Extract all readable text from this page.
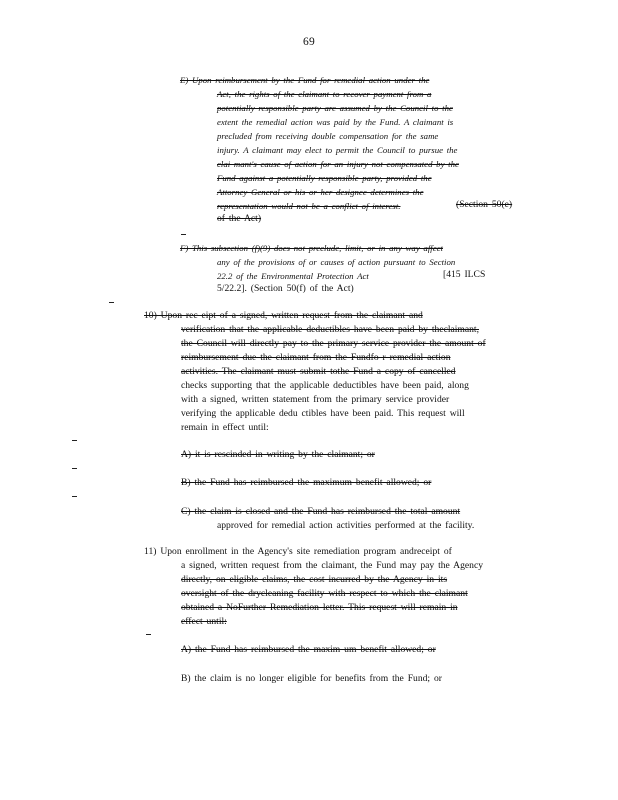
69
E) Upon reimbursement by the Fund for remedial action under the
Act, the rights of the claimant to recover payment from a
potentially responsible party are assumed by the Council to the
extent the remedial action was paid by the Fund. A claimant is
precluded from receiving double compensation for the same
injury. A claimant may elect to permit the Council to pursue the
clai mant's cause of action for an injury not compensated by the
Fund against a potentially responsible party, provided the
Attorney General or his or her designee determines the
representation would not be a conflict of interest.	(Section 50(e)
of the Act)
F) This subsection (f)(9) does not preclude, limit, or in any way affect
any of the provisions of or causes of action pursuant to Section
22.2 of the Environmental Protection Act	[415 ILCS
5/22.2]. (Section 50(f) of the Act)
10) Upon rec eipt of a signed, written request from the claimant and
verification that the applicable deductibles have been paid by theclaimant,
the Council will directly pay to the primary service provider the amount of
reimbursement due the claimant from the Fundfo r remedial action
activities. The claimant must submit tothe Fund a copy of cancelled
checks supporting that the applicable deductibles have been paid, along
with a signed, written statement from the primary service provider
verifying the applicable dedu ctibles have been paid. This request will
remain in effect until:
A) it is rescinded in writing by the claimant; or
B) the Fund has reimbursed the maximum benefit allowed; or
C) the claim is closed and the Fund has reimbursed the total amount
approved for remedial action activities performed at the facility.
11) Upon enrollment in the Agency's site remediation program andreceipt of
a signed, written request from the claimant, the Fund may pay the Agency
directly, on eligible claims, the cost incurred by the Agency in its
oversight of the drycleaning facility with respect to which the claimant
obtained a NoFurther Remediation letter. This request will remain in
effect until:
A) the Fund has reimbursed the maxim um benefit allowed; or
B) the claim is no longer eligible for benefits from the Fund; or
